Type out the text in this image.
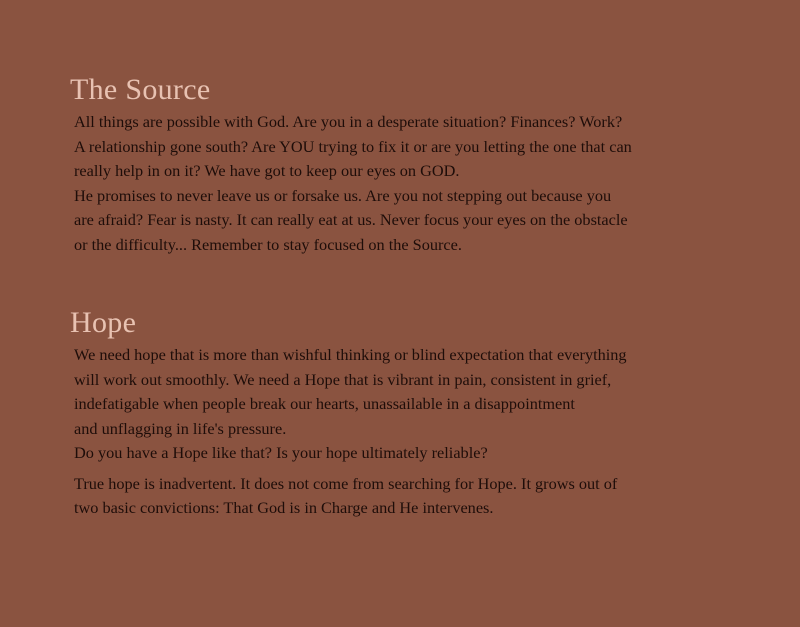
The Source

All things are possible with God. Are you in a desperate situation? Finances? Work?
A relationship gone south? Are YOU trying to fix it or are you letting the one that can
really help in on it? We have got to keep our eyes on GOD.
He promises to never leave us or forsake us. Are you not stepping out because you
are afraid? Fear is nasty. It can really eat at us. Never focus your eyes on the obstacle
or the difficulty... Remember to stay focused on the Source.

Hope

We need hope that is more than wishful thinking or blind expectation that everything
will work out smoothly. We need a Hope that is vibrant in pain, consistent in grief,
indefatigable when people break our hearts, unassailable in a disappointment
and unflagging in life's pressure.
Do you have a Hope like that? Is your hope ultimately reliable?

True hope is inadvertent. It does not come from searching for Hope. It grows out of
two basic convictions: That God is in Charge and He intervenes.
